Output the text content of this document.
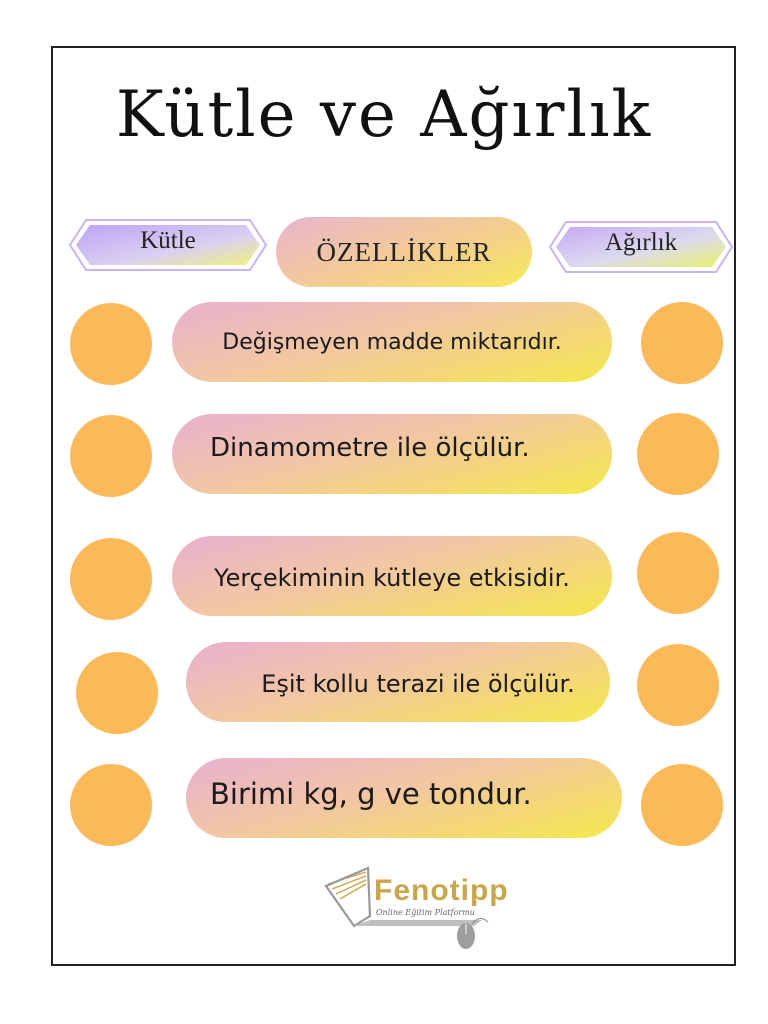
Kütle ve Ağırlık
Kütle	ÖZELLİKLER	Ağırlık
Değişmeyen madde miktarıdır.
Dinamometre ile ölçülür.
Yerçekiminin kütleye etkisidir.
Eşit kollu terazi ile ölçülür.
Birimi kg, g ve tondur.
Fenotipp
Online Eğitim Platformu
